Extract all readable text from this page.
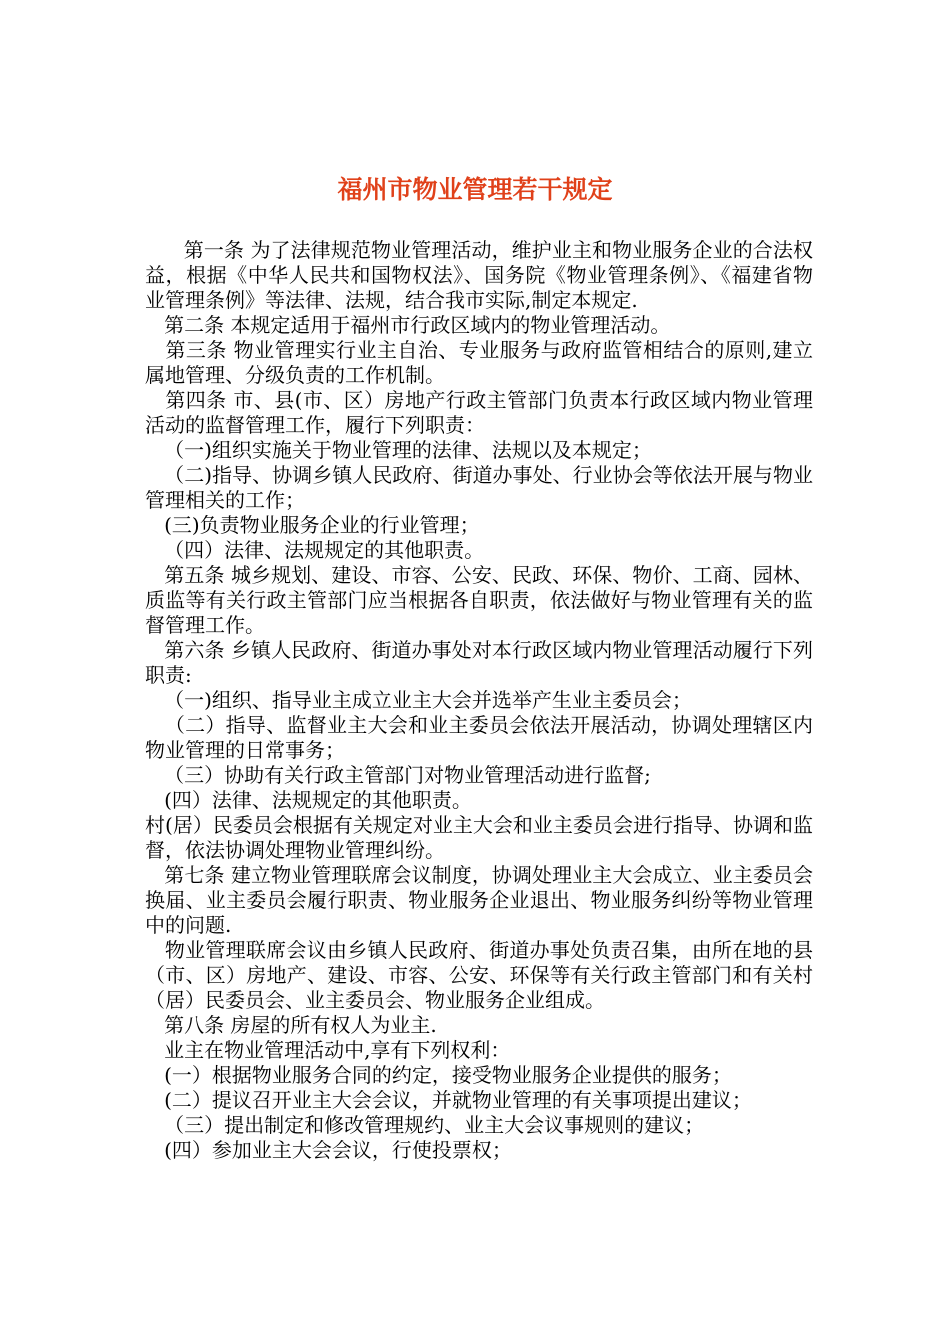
福州市物业管理若干规定

第一条 为了法律规范物业管理活动，维护业主和物业服务企业的合法权益，根据《中华人民共和国物权法》、国务院《物业管理条例》、《福建省物业管理条例》等法律、法规，结合我市实际,制定本规定.

第二条 本规定适用于福州市行政区域内的物业管理活动。

第三条 物业管理实行业主自治、专业服务与政府监管相结合的原则,建立属地管理、分级负责的工作机制。

第四条 市、县(市、区）房地产行政主管部门负责本行政区域内物业管理活动的监督管理工作，履行下列职责：

（一)组织实施关于物业管理的法律、法规以及本规定；

（二)指导、协调乡镇人民政府、街道办事处、行业协会等依法开展与物业管理相关的工作；

(三)负责物业服务企业的行业管理；

（四）法律、法规规定的其他职责。

第五条 城乡规划、建设、市容、公安、民政、环保、物价、工商、园林、质监等有关行政主管部门应当根据各自职责，依法做好与物业管理有关的监督管理工作。

第六条 乡镇人民政府、街道办事处对本行政区域内物业管理活动履行下列职责:

（一)组织、指导业主成立业主大会并选举产生业主委员会；

（二）指导、监督业主大会和业主委员会依法开展活动，协调处理辖区内物业管理的日常事务；

（三）协助有关行政主管部门对物业管理活动进行监督;

(四）法律、法规规定的其他职责。

村(居）民委员会根据有关规定对业主大会和业主委员会进行指导、协调和监督，依法协调处理物业管理纠纷。

第七条 建立物业管理联席会议制度，协调处理业主大会成立、业主委员会换届、业主委员会履行职责、物业服务企业退出、物业服务纠纷等物业管理中的问题.

物业管理联席会议由乡镇人民政府、街道办事处负责召集，由所在地的县（市、区）房地产、建设、市容、公安、环保等有关行政主管部门和有关村（居）民委员会、业主委员会、物业服务企业组成。

第八条 房屋的所有权人为业主.

业主在物业管理活动中,享有下列权利：

(一）根据物业服务合同的约定，接受物业服务企业提供的服务；

(二）提议召开业主大会会议，并就物业管理的有关事项提出建议；

（三）提出制定和修改管理规约、业主大会议事规则的建议；

(四）参加业主大会会议，行使投票权；
